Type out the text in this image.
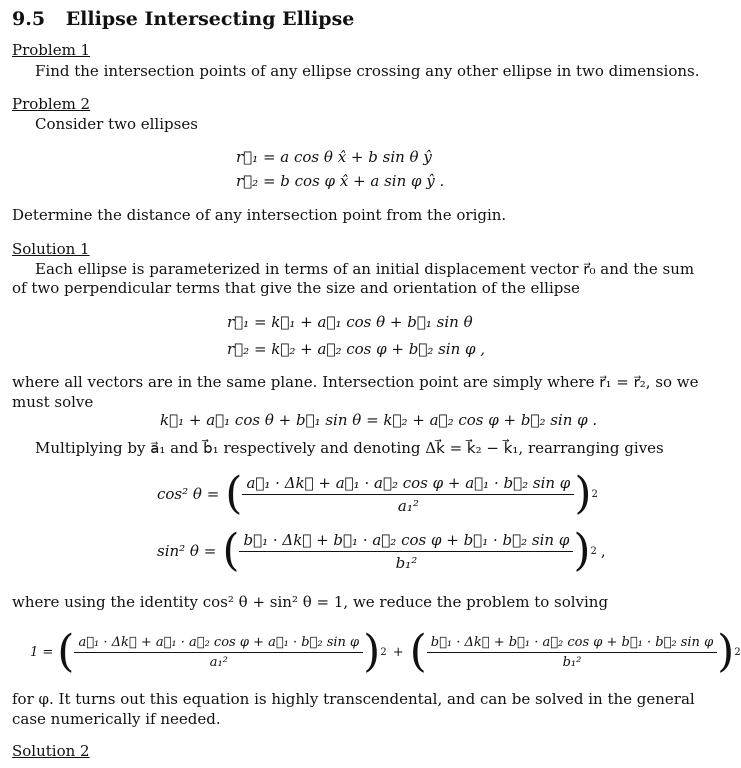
9.5 Ellipse Intersecting Ellipse
Problem 1
Find the intersection points of any ellipse crossing any other ellipse in two dimensions.
Problem 2
Consider two ellipses
r⃗₁ = a cos θ x̂ + b sin θ ŷ
r⃗₂ = b cos φ x̂ + a sin φ ŷ .
Determine the distance of any intersection point from the origin.
Solution 1
Each ellipse is parameterized in terms of an initial displacement vector r⃗₀ and the sum
of two perpendicular terms that give the size and orientation of the ellipse
r⃗₁ = k⃗₁ + a⃗₁ cos θ + b⃗₁ sin θ
r⃗₂ = k⃗₂ + a⃗₂ cos φ + b⃗₂ sin φ ,
where all vectors are in the same plane. Intersection point are simply where r⃗₁ = r⃗₂, so we
must solve
k⃗₁ + a⃗₁ cos θ + b⃗₁ sin θ = k⃗₂ + a⃗₂ cos φ + b⃗₂ sin φ .
Multiplying by a⃗₁ and b⃗₁ respectively and denoting Δk⃗ = k⃗₂ − k⃗₁, rearranging gives
cos² θ = ( $\frac{\text{a⃗₁ · Δk⃗ + a⃗₁ · a⃗₂ cos φ + a⃗₁ · b⃗₂ sin φ}}{\text{a₁²}}$ ) 2
sin² θ = ( $\frac{\text{b⃗₁ · Δk⃗ + b⃗₁ · a⃗₂ cos φ + b⃗₁ · b⃗₂ sin φ}}{\text{b₁²}}$ ) 2 ,
where using the identity cos² θ + sin² θ = 1, we reduce the problem to solving
1 = ( $\frac{\text{a⃗₁ · Δk⃗ + a⃗₁ · a⃗₂ cos φ + a⃗₁ · b⃗₂ sin φ}}{\text{a₁²}}$ ) 2 + ( $\frac{\text{b⃗₁ · Δk⃗ + b⃗₁ · a⃗₂ cos φ + b⃗₁ · b⃗₂ sin φ}}{\text{b₁²}}$ ) 2
for φ. It turns out this equation is highly transcendental, and can be solved in the general
case numerically if needed.
Solution 2
